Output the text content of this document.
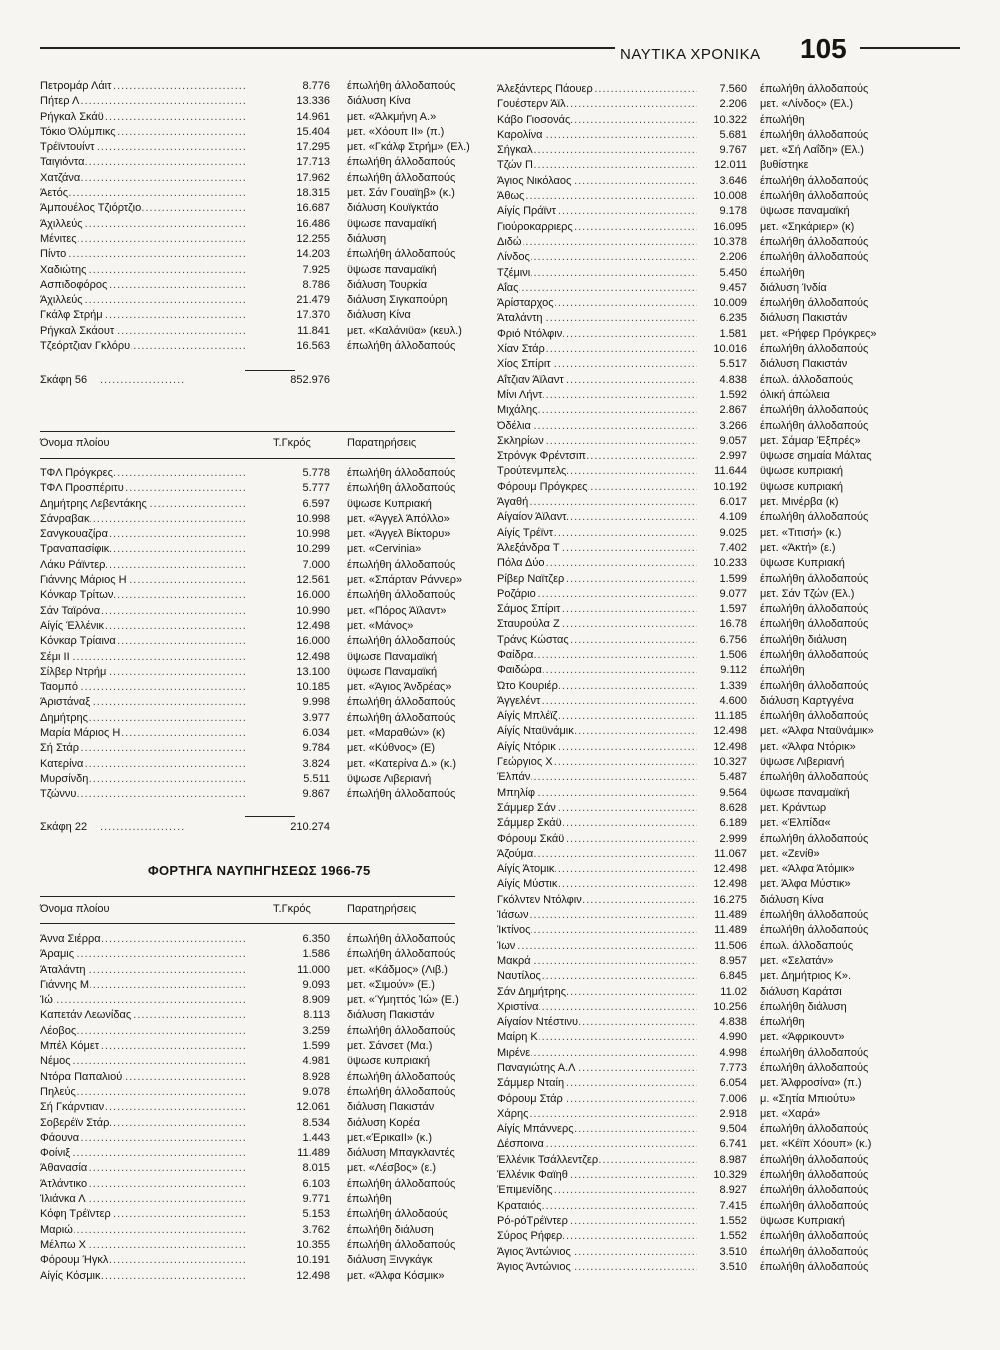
ΝΑΥΤΙΚΑ ΧΡΟΝΙΚΑ 105
Πετρομάρ Λάιτ .....	8.776 έπωλήθη άλλοδαπούς
Πήτερ Λ .....	13.336 διάλυση Κίνα
Ρήγκαλ Σκάϋ .....	14.961 μετ. «Άλκμήνη Α.»
Τόκιο Όλύμπικς .....	15.404 μετ. «Χόουπ ΙΙ» (π.)
Τρέϊντουίντ .....	17.295 μετ. «Γκάλφ Στρήμ» (Ελ.)
Ταιγιόντα .....	17.713 έπωλήθη άλλοδαπούς
Χατζάνα .....	17.962 έπωλήθη άλλοδαπούς
Άετός .....	18.315 μετ. Σάν Γουαϊηβ» (κ.)
Άμπουέλος Τζιόρτζιο .....	16.687 διάλυση Κουϊγκτάο
Άχιλλεύς .....	16.486 ϋψωσε παναμαϊκή
Μένιτες .....	12.255 διάλυση
Πίντο .....	14.203 έπωλήθη άλλοδαπούς
Χαδιώτης .....	7.925 ϋψωσε παναμαϊκή
Ασπιδοφόρος .....	8.786 διάλυση Τουρκία
Άχιλλεύς .....	21.479 διάλυση Σιγκαπούρη
Γκάλφ Στρήμ .....	17.370 διάλυση Κίνα
Ρήγκαλ Σκάουτ .....	11.841 μετ. «Καλάνιϋα» (κευλ.)
Τζεόρτζιαν Γκλόρυ .....	16.563 έπωλήθη άλλοδαπούς
Σκάφη 56 .....................	852.976
Όνομα πλοίου	Τ.Γκρός	Παρατηρήσεις
ΤΦΛ Πρόγκρες .....	5.778 έπωλήθη άλλοδαπούς
ΤΦΛ Προσπέριτυ .....	5.777 έπωλήθη άλλοδαπούς
Δημήτρης Λεβεντάκης .....	6.597 ϋψωσε Κυπριακή
Σάνραβακ .....	10.998 μετ. «Άγγελ Άπόλλο»
Σανγκουαζίρα .....	10.998 μετ. «Άγγελ Βίκτορυ»
Τραναπασίφικ .....	10.299 μετ. «Cervinia»
Λάκυ Ράϊντερ .....	7.000 έπωλήθη άλλοδαπούς
Γιάννης Μάριος Η .....	12.561 μετ. «Σπάρταν Ράννερ»
Κόνκαρ Τρίτων .....	16.000 έπωλήθη άλλοδαπούς
Σάν Ταϊρόνα .....	10.990 μετ. «Πόρος Άϊλαντ»
Αίγίς Έλλένικ .....	12.498 μετ. «Μάνος»
Κόνκαρ Τρίαινα .....	16.000 έπωλήθη άλλοδαπούς
Σέμι ΙΙ .....	12.498 ϋψωσε Παναμαϊκή
Σίλβερ Ντρήμ .....	13.100 ϋψωσε Παναμαϊκή
Ταομπό .....	10.185 μετ. «Άγιος Άνδρέας»
Άριστάναξ .....	9.998 έπωλήθη άλλοδαπούς
Δημήτρης .....	3.977 έπωλήθη άλλοδαπούς
Μαρία Μάριος Η .....	6.034 μετ. «Μαραθών» (κ)
Σή Στάρ .....	9.784 μετ. «Κύθνος» (Ε)
Κατερίνα .....	3.824 μετ. «Κατερίνα Δ.» (κ.)
Μυρσίνδη .....	5.511 ϋψωσε Λιβεριανή
Τζώννυ .....	9.867 έπωλήθη άλλοδαπούς
Σκάφη 22 .....................	210.274
ΦΟΡΤΗΓΑ ΝΑΥΠΗΓΗΣΕΩΣ 1966-75
Όνομα πλοίου	Τ.Γκρός	Παρατηρήσεις
Άννα Σιέρρα .....	6.350 έπωλήθη άλλοδαπούς
Άραμις .....	1.586 έπωλήθη άλλοδαπούς
Άταλάντη .....	11.000 μετ. «Κάδμος» (Λιβ.)
Γιάννης Μ .....	9.093 μετ. «Σιμούν» (Ε.)
Ίώ .....	8.909 μετ. «Ύμηττός Ίώ» (Ε.)
Καπετάν Λεωνίδας .....	8.113 διάλυση Πακιστάν
Λέοβος .....	3.259 έπωλήθη άλλοδαπούς
Μπέλ Κόμετ .....	1.599 μετ. Σάνσετ (Μα.)
Νέμος .....	4.981 ϋψωσε κυπριακή
Ντόρα Παπαλιού .....	8.928 έπωλήθη άλλοδαπούς
Πηλεύς .....	9.078 έπωλήθη άλλοδαπούς
Σή Γκάρντιαν .....	12.061 διάλυση Πακιστάν
Σοβερέϊν Στάρ .....	8.534 διάλυση Κορέα
Φάουνα .....	1.443 μετ.«ΈρικαΙΙ» (κ.)
Φοίνιξ .....	11.489 διάλυση Μπαγκλαντές
Άθανασία .....	8.015 μετ. «Λέσβος» (ε.)
Άτλάντικο .....	6.103 έπωλήθη άλλοδαπούς
Ίλιάνκα Λ .....	9.771 έπωλήθη
Κόφη Τρέϊντερ .....	5.153 έπωλήθη άλλοδαούς
Μαριώ .....	3.762 έπωλήθη διάλυση
Μέλπω Χ .....	10.355 έπωλήθη άλλοδαπούς
Φόρουμ Ήγκλ .....	10.191 διάλυση Ξινγκάγκ
Αίγίς Κόσμικ .....	12.498 μετ. «Άλφα Κόσμικ»
Άλεξάντερς Πάουερ .....	7.560 έπωλήθη άλλοδαπούς
Γουέστερν Άϊλ .....	2.206 μετ. «Λίνδος» (Ελ.)
Κάβο Γιοσονάς .....	10.322 έπωλήθη
Καρολίνα .....	5.681 έπωλήθη άλλοδαπούς
Σήγκαλ .....	9.767 μετ. «Σή Λαΐδη» (Ελ.)
Τζών Π .....	12.011 βυθίστηκε
Άγιος Νικόλαος .....	3.646 έπωλήθη άλλοδαπούς
Άθως .....	10.008 έπωλήθη άλλοδαπούς
Αίγίς Πράϊντ .....	9.178 ϋψωσε παναμαϊκή
Γιούροκαρριερς .....	16.095 μετ. «Σηκάριερ» (κ)
Διδώ .....	10.378 έπωλήθη άλλοδαπούς
Λίνδος .....	2.206 έπωλήθη άλλοδαπούς
Τζέμινι .....	5.450 έπωλήθη
Αΐας .....	9.457 διάλυση Ίνδία
Άρίσταρχος .....	10.009 έπωλήθη άλλοδαπούς
Άταλάντη .....	6.235 διάλυση Πακιστάν
Φριό Ντόλφιν .....	1.581 μετ. «Ρήφερ Πρόγκρες»
Χίαν Στάρ .....	10.016 έπωλήθη άλλοδαπούς
Χίος Σπίριτ .....	5.517 διάλυση Πακιστάν
Αΐτζιαν Άϊλαντ .....	4.838 έπωλ. άλλοδαπούς
Μίνι Λήντ .....	1.592 όλική άπώλεια
Μιχάλης .....	2.867 έπωλήθη άλλοδαπούς
Όδέλια .....	3.266 έπωλήθη άλλοδαπούς
Σκληρίων .....	9.057 μετ. Σάμαρ Έξπρές»
Στρόνγκ Φρέντσιπ .....	2.997 ϋψωσε σημαία Μάλτας
Τρούτενμπελς .....	11.644 ϋψωσε κυπριακή
Φόρουμ Πρόγκρες .....	10.192 ϋψωσε κυπριακή
Άγαθή .....	6.017 μετ. Μινέρβα (κ)
Αίγαίον Άϊλαντ .....	4.109 έπωλήθη άλλοδαπούς
Αίγίς Τρέϊντ .....	9.025 μετ. «Τιτισή» (κ.)
Άλεξάνδρα Τ .....	7.402 μετ. «Άκτή» (ε.)
Πόλα Δύο .....	10.233 ϋψωσε Κυπριακή
Ρίβερ Ναϊτζερ .....	1.599 έπωλήθη άλλοδαπούς
Ροζάριο .....	9.077 μετ. Σάν Τζών (Ελ.)
Σάμος Σπίριτ .....	1.597 έπωλήθη άλλοδαπούς
Σταυρούλα Ζ .....	16.78 έπωλήθη άλλοδαπούς
Τράνς Κώστας .....	6.756 έπωλήθη διάλυση
Φαίδρα .....	1.506 έπωλήθη άλλοδαπούς
Φαιδώρα .....	9.112 έπωλήθη
Ώτο Κουριέρ .....	1.339 έπωλήθη άλλοδαπούς
Άγγελέντ .....	4.600 διάλυση Καρτγγένα
Αίγίς Μπλέϊζ .....	11.185 έπωλήθη άλλοδαπούς
Αίγίς Νταϋνάμικ .....	12.498 μετ. «Άλφα Νταϋνάμικ»
Αίγίς Ντόρικ .....	12.498 μετ. «Άλφα Ντόρικ»
Γεώργιος Χ .....	10.327 ϋψωσε Λιβεριανή
Έλπάν .....	5.487 έπωλήθη άλλοδαπούς
Μπηλίφ .....	9.564 ϋψωσε παναμαϊκή
Σάμμερ Σάν .....	8.628 μετ. Κράντωρ
Σάμμερ Σκάϋ .....	6.189 μετ. «Έλπίδα«
Φόρουμ Σκάϋ .....	2.999 έπωλήθη άλλοδαπούς
Άζούμα .....	11.067 μετ. «Ζενίθ»
Αίγίς Άτομικ .....	12.498 μετ. «Άλφα Άτόμικ»
Αίγίς Μύστικ .....	12.498 μετ. Άλφα Μύστικ»
Γκόλντεν Ντόλφιν .....	16.275 διάλυση Κίνα
Ίάσων .....	11.489 έπωλήθη άλλοδαπούς
Ίκτίνος .....	11.489 έπωλήθη άλλοδαπούς
Ίων .....	11.506 έπωλ. άλλοδαπούς
Μακρά .....	8.957 μετ. «Σελατάν»
Ναυτίλος .....	6.845 μετ. Δημήτριος Κ».
Σάν Δημήτρης .....	11.02 διάλυση Καράτσι
Χριστίνα .....	10.256 έπωλήθη διάλυση
Αίγαίον Ντέστινυ .....	4.838 έπωλήθη
Μαίρη Κ .....	4.990 μετ. «Άφρικουντ»
Μιρένε .....	4.998 έπωλήθη άλλοδαπούς
Παναγιώτης Α.Λ .....	7.773 έπωλήθη άλλοδαπούς
Σάμμερ Νταίη .....	6.054 μετ. Άλφροσίνα» (π.)
Φόρουμ Στάρ .....	7.006 μ. «Σητία Μπιούτυ»
Χάρης .....	2.918 μετ. «Χαρά»
Αίγίς Μπάννερς .....	9.504 έπωλήθη άλλοδαπούς
Δέσποινα .....	6.741 μετ. «Κέϊπ Χόουπ» (κ.)
Έλλένικ Τσάλλεντζερ .....	8.987 έπωλήθη άλλοδαπούς
Έλλένικ Φαϊηθ .....	10.329 έπωλήθη άλλοδαπούς
Έπιμενίδης .....	8.927 έπωλήθη άλλοδαπούς
Κραταιός .....	7.415 έπωλήθη άλλοδαπούς
Ρό-ρόΤρέϊντερ .....	1.552 ϋψωσε Κυπριακή
Σύρος Ρήφερ .....	1.552 έπωλήθη άλλοδαπούς
Άγιος Άντώνιος .....	3.510 έπωλήθη άλλοδαπούς
Άγιος Άντώνιος .....	3.510 έπωλήθη άλλοδαπούς
